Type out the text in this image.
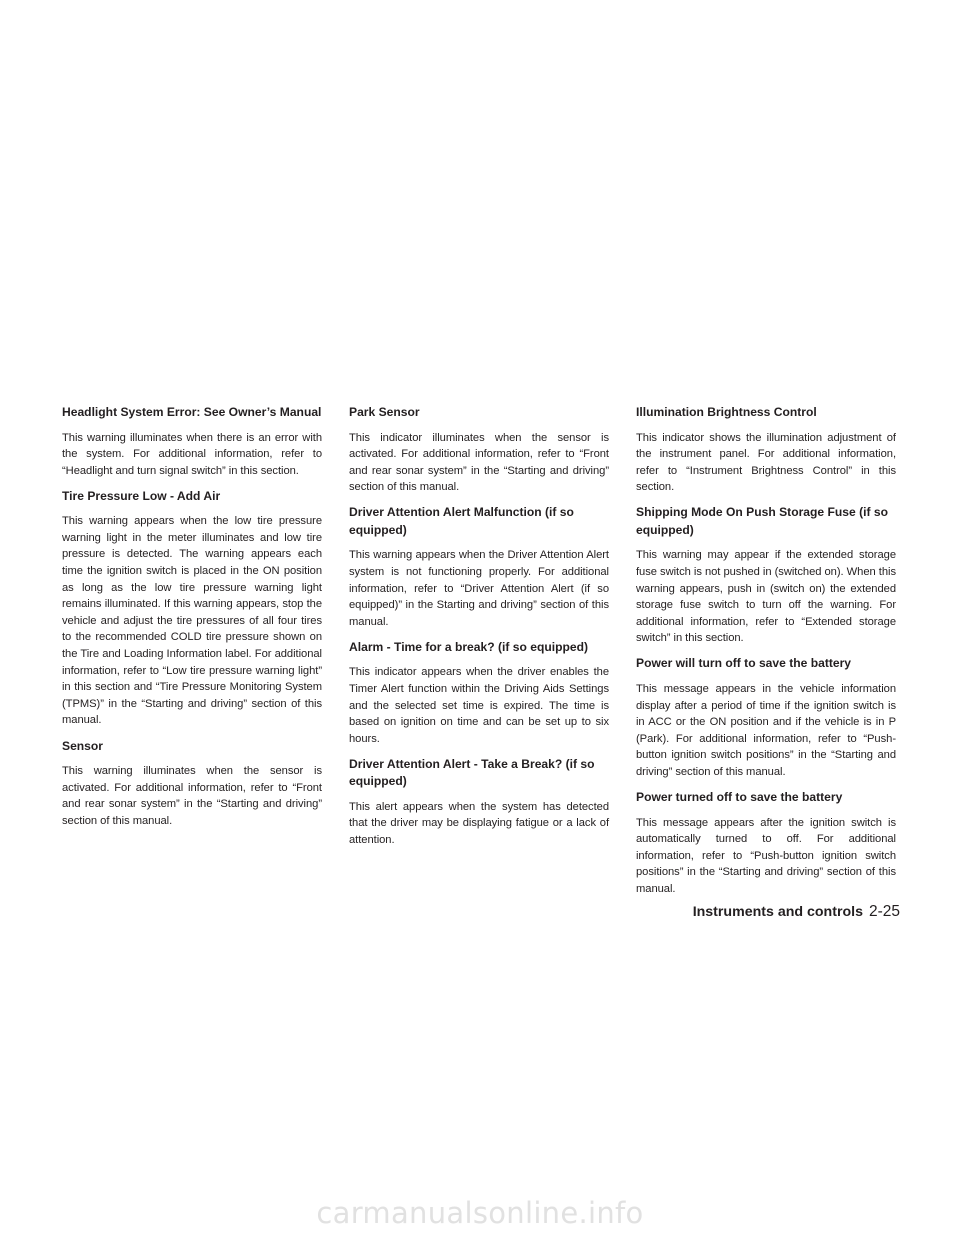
Headlight System Error: See Owner’s Manual

This warning illuminates when there is an error with the system. For additional information, refer to “Headlight and turn signal switch” in this section.

Tire Pressure Low - Add Air

This warning appears when the low tire pressure warning light in the meter illuminates and low tire pressure is detected. The warning appears each time the ignition switch is placed in the ON position as long as the low tire pressure warning light remains illuminated. If this warning appears, stop the vehicle and adjust the tire pressures of all four tires to the recommended COLD tire pressure shown on the Tire and Loading Information label. For additional information, refer to “Low tire pressure warning light” in this section and “Tire Pressure Monitoring System (TPMS)” in the “Starting and driving” section of this manual.

Sensor

This warning illuminates when the sensor is activated. For additional information, refer to “Front and rear sonar system” in the “Starting and driving” section of this manual.

Park Sensor

This indicator illuminates when the sensor is activated. For additional information, refer to “Front and rear sonar system” in the “Starting and driving” section of this manual.

Driver Attention Alert Malfunction (if so equipped)

This warning appears when the Driver Attention Alert system is not functioning properly. For additional information, refer to “Driver Attention Alert (if so equipped)” in the Starting and driving” section of this manual.

Alarm - Time for a break? (if so equipped)

This indicator appears when the driver enables the Timer Alert function within the Driving Aids Settings and the selected set time is expired. The time is based on ignition on time and can be set up to six hours.

Driver Attention Alert - Take a Break? (if so equipped)

This alert appears when the system has detected that the driver may be displaying fatigue or a lack of attention.

Illumination Brightness Control

This indicator shows the illumination adjustment of the instrument panel. For additional information, refer to “Instrument Brightness Control” in this section.

Shipping Mode On Push Storage Fuse (if so equipped)

This warning may appear if the extended storage fuse switch is not pushed in (switched on). When this warning appears, push in (switch on) the extended storage fuse switch to turn off the warning. For additional information, refer to “Extended storage switch” in this section.

Power will turn off to save the battery

This message appears in the vehicle information display after a period of time if the ignition switch is in ACC or the ON position and if the vehicle is in P (Park). For additional information, refer to “Push-button ignition switch positions” in the “Starting and driving” section of this manual.

Power turned off to save the battery

This message appears after the ignition switch is automatically turned to off. For additional information, refer to “Push-button ignition switch positions” in the “Starting and driving” section of this manual.

Instruments and controls 2-25
carmanualsonline.info
